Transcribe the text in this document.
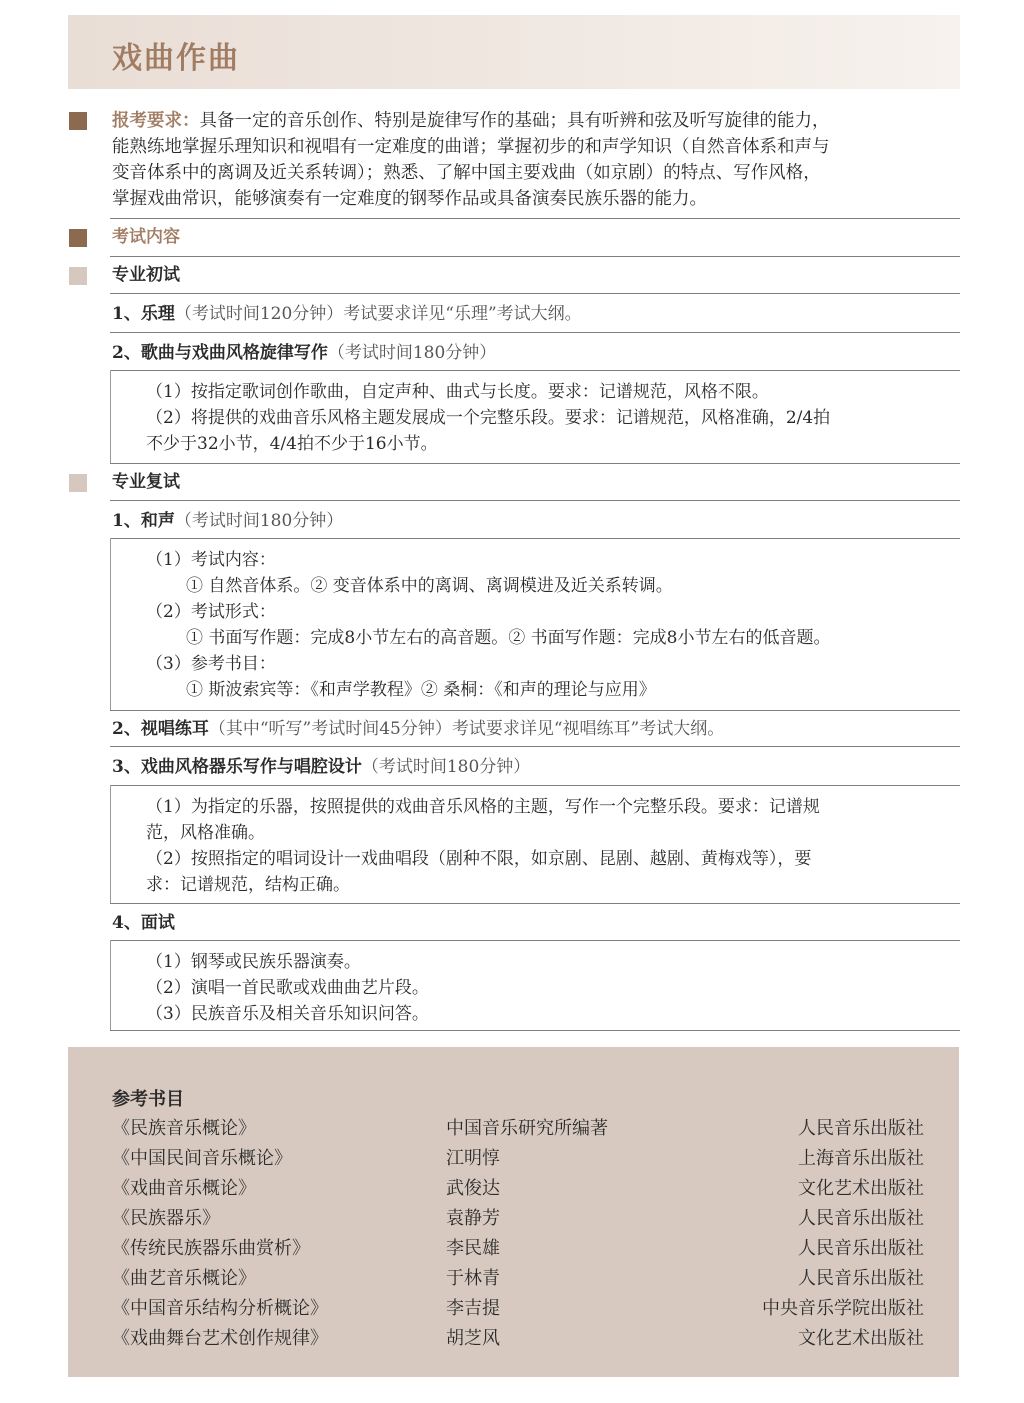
戏曲作曲
报考要求：具备一定的音乐创作、特别是旋律写作的基础；具有听辨和弦及听写旋律的能力，
能熟练地掌握乐理知识和视唱有一定难度的曲谱；掌握初步的和声学知识（自然音体系和声与
变音体系中的离调及近关系转调）；熟悉、了解中国主要戏曲（如京剧）的特点、写作风格，
掌握戏曲常识，能够演奏有一定难度的钢琴作品或具备演奏民族乐器的能力。
考试内容
专业初试
1、乐理（考试时间120分钟）考试要求详见“乐理”考试大纲。
2、歌曲与戏曲风格旋律写作（考试时间180分钟）
（1）按指定歌词创作歌曲，自定声种、曲式与长度。要求：记谱规范，风格不限。
（2）将提供的戏曲音乐风格主题发展成一个完整乐段。要求：记谱规范，风格准确，2/4拍
不少于32小节，4/4拍不少于16小节。
专业复试
1、和声（考试时间180分钟）
（1）考试内容：
① 自然音体系。② 变音体系中的离调、离调模进及近关系转调。
（2）考试形式：
① 书面写作题：完成8小节左右的高音题。② 书面写作题：完成8小节左右的低音题。
（3）参考书目：
① 斯波索宾等：《和声学教程》② 桑桐：《和声的理论与应用》
2、视唱练耳（其中“听写”考试时间45分钟）考试要求详见“视唱练耳”考试大纲。
3、戏曲风格器乐写作与唱腔设计（考试时间180分钟）
（1）为指定的乐器，按照提供的戏曲音乐风格的主题，写作一个完整乐段。要求：记谱规
范，风格准确。
（2）按照指定的唱词设计一戏曲唱段（剧种不限，如京剧、昆剧、越剧、黄梅戏等），要
求：记谱规范，结构正确。
4、面试
（1）钢琴或民族乐器演奏。
（2）演唱一首民歌或戏曲曲艺片段。
（3）民族音乐及相关音乐知识问答。
参考书目
《民族音乐概论》	中国音乐研究所编著	人民音乐出版社
《中国民间音乐概论》	江明惇	上海音乐出版社
《戏曲音乐概论》	武俊达	文化艺术出版社
《民族器乐》	袁静芳	人民音乐出版社
《传统民族器乐曲赏析》	李民雄	人民音乐出版社
《曲艺音乐概论》	于林青	人民音乐出版社
《中国音乐结构分析概论》	李吉提	中央音乐学院出版社
《戏曲舞台艺术创作规律》	胡芝风	文化艺术出版社
